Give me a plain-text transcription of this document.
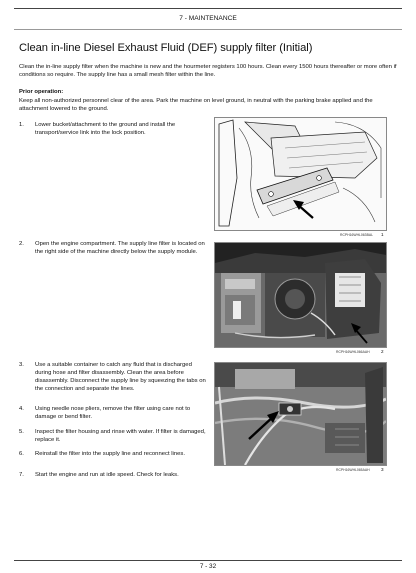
7 - MAINTENANCE
Clean in-line Diesel Exhaust Fluid (DEF) supply filter (Initial)
Clean the in-line supply filter when the machine is new and the hourmeter registers 100 hours. Clean every 1500 hours thereafter or more often if conditions so require. The supply line has a small mesh filter within the line.
Prior operation:
Keep all non-authorized personnel clear of the area. Park the machine on level ground, in neutral with the parking brake applied and the attachment lowered to the ground.
1. Lower bucket/attachment to the ground and install the transport/service link into the lock position.
2. Open the engine compartment. The supply line filter is located on the right side of the machine directly below the supply module.
3. Use a suitable container to catch any fluid that is discharged during hose and filter disassembly. Clean the area before disassembly. Disconnect the supply line by squeezing the tabs on the connection and separate the lines.
4. Using needle nose pliers, remove the filter using care not to damage or bend filter.
5. Inspect the filter housing and rinse with water. If filter is damaged, replace it.
6. Reinstall the filter into the supply line and reconnect lines.
7. Start the engine and run at idle speed. Check for leaks.
RCPH16WHL063BAL 1
RCPH16WHL066AAH 2
RCPH16WHL065AAH 3
7 - 32
